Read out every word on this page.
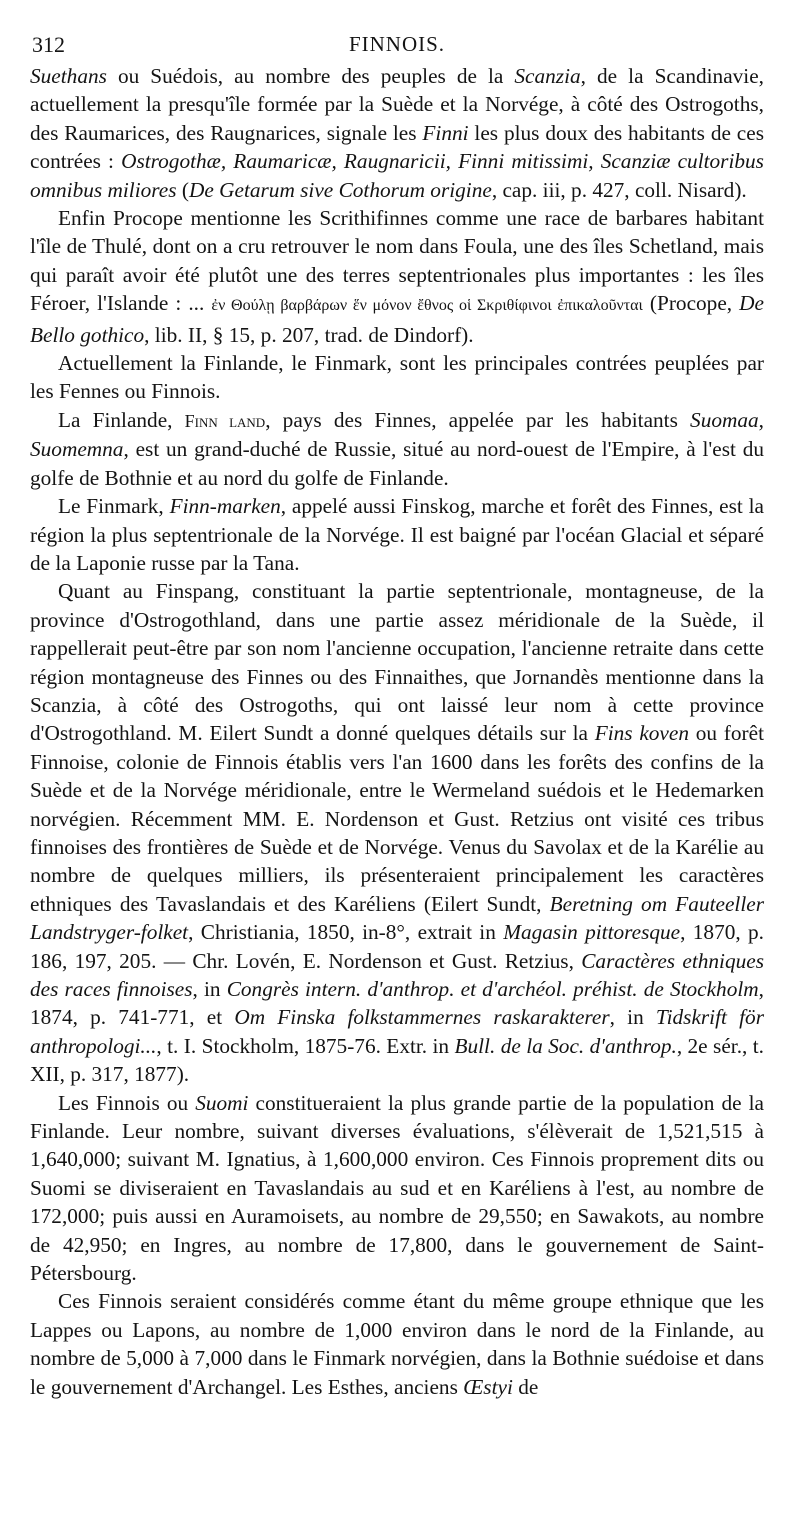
312	FINNOIS.

Suethans ou Suédois, au nombre des peuples de la Scanzia, de la Scandinavie, actuellement la presqu'île formée par la Suède et la Norvége, à côté des Ostrogoths, des Raumarices, des Raugnarices, signale les Finni les plus doux des habitants de ces contrées : Ostrogothæ, Raumaricæ, Raugnaricii, Finni mitissimi, Scanziæ cultoribus omnibus miliores (De Getarum sive Cothorum origine, cap. iii, p. 427, coll. Nisard).

Enfin Procope mentionne les Scrithifinnes comme une race de barbares habitant l'île de Thulé, dont on a cru retrouver le nom dans Foula, une des îles Schetland, mais qui paraît avoir été plutôt une des terres septentrionales plus importantes : les îles Féroer, l'Islande : ... ἐν Θούλῃ βαρβάρων ἕν μόνον ἔθνος οἱ Σκριθίφινοι ἐπικαλοῦνται (Procope, De Bello gothico, lib. II, § 15, p. 207, trad. de Dindorf).

Actuellement la Finlande, le Finmark, sont les principales contrées peuplées par les Fennes ou Finnois.

La Finlande, Finn land, pays des Finnes, appelée par les habitants Suomaa, Suomemna, est un grand-duché de Russie, situé au nord-ouest de l'Empire, à l'est du golfe de Bothnie et au nord du golfe de Finlande.

Le Finmark, Finn-marken, appelé aussi Finskog, marche et forêt des Finnes, est la région la plus septentrionale de la Norvége. Il est baigné par l'océan Glacial et séparé de la Laponie russe par la Tana.

Quant au Finspang, constituant la partie septentrionale, montagneuse, de la province d'Ostrogothland, dans une partie assez méridionale de la Suède, il rappellerait peut-être par son nom l'ancienne occupation, l'ancienne retraite dans cette région montagneuse des Finnes ou des Finnaithes, que Jornandès mentionne dans la Scanzia, à côté des Ostrogoths, qui ont laissé leur nom à cette province d'Ostrogothland. M. Eilert Sundt a donné quelques détails sur la Fins koven ou forêt Finnoise, colonie de Finnois établis vers l'an 1600 dans les forêts des confins de la Suède et de la Norvége méridionale, entre le Wermeland suédois et le Hedemarken norvégien. Récemment MM. E. Nordenson et Gust. Retzius ont visité ces tribus finnoises des frontières de Suède et de Norvége. Venus du Savolax et de la Karélie au nombre de quelques milliers, ils présenteraient principalement les caractères ethniques des Tavaslandais et des Karéliens (Eilert Sundt, Beretning om Fauteeller Landstryger-folket, Christiania, 1850, in-8°, extrait in Magasin pittoresque, 1870, p. 186, 197, 205. — Chr. Lovén, E. Nordenson et Gust. Retzius, Caractères ethniques des races finnoises, in Congrès intern. d'anthrop. et d'archéol. préhist. de Stockholm, 1874, p. 741-771, et Om Finska folkstammernes raskarakterer, in Tidskrift för anthropologi..., t. I. Stockholm, 1875-76. Extr. in Bull. de la Soc. d'anthrop., 2e sér., t. XII, p. 317, 1877).

Les Finnois ou Suomi constitueraient la plus grande partie de la population de la Finlande. Leur nombre, suivant diverses évaluations, s'élèverait de 1,521,515 à 1,640,000; suivant M. Ignatius, à 1,600,000 environ. Ces Finnois proprement dits ou Suomi se diviseraient en Tavaslandais au sud et en Karéliens à l'est, au nombre de 172,000; puis aussi en Auramoisets, au nombre de 29,550; en Sawakots, au nombre de 42,950; en Ingres, au nombre de 17,800, dans le gouvernement de Saint-Pétersbourg.

Ces Finnois seraient considérés comme étant du même groupe ethnique que les Lappes ou Lapons, au nombre de 1,000 environ dans le nord de la Finlande, au nombre de 5,000 à 7,000 dans le Finmark norvégien, dans la Bothnie suédoise et dans le gouvernement d'Archangel. Les Esthes, anciens Œstyi de
